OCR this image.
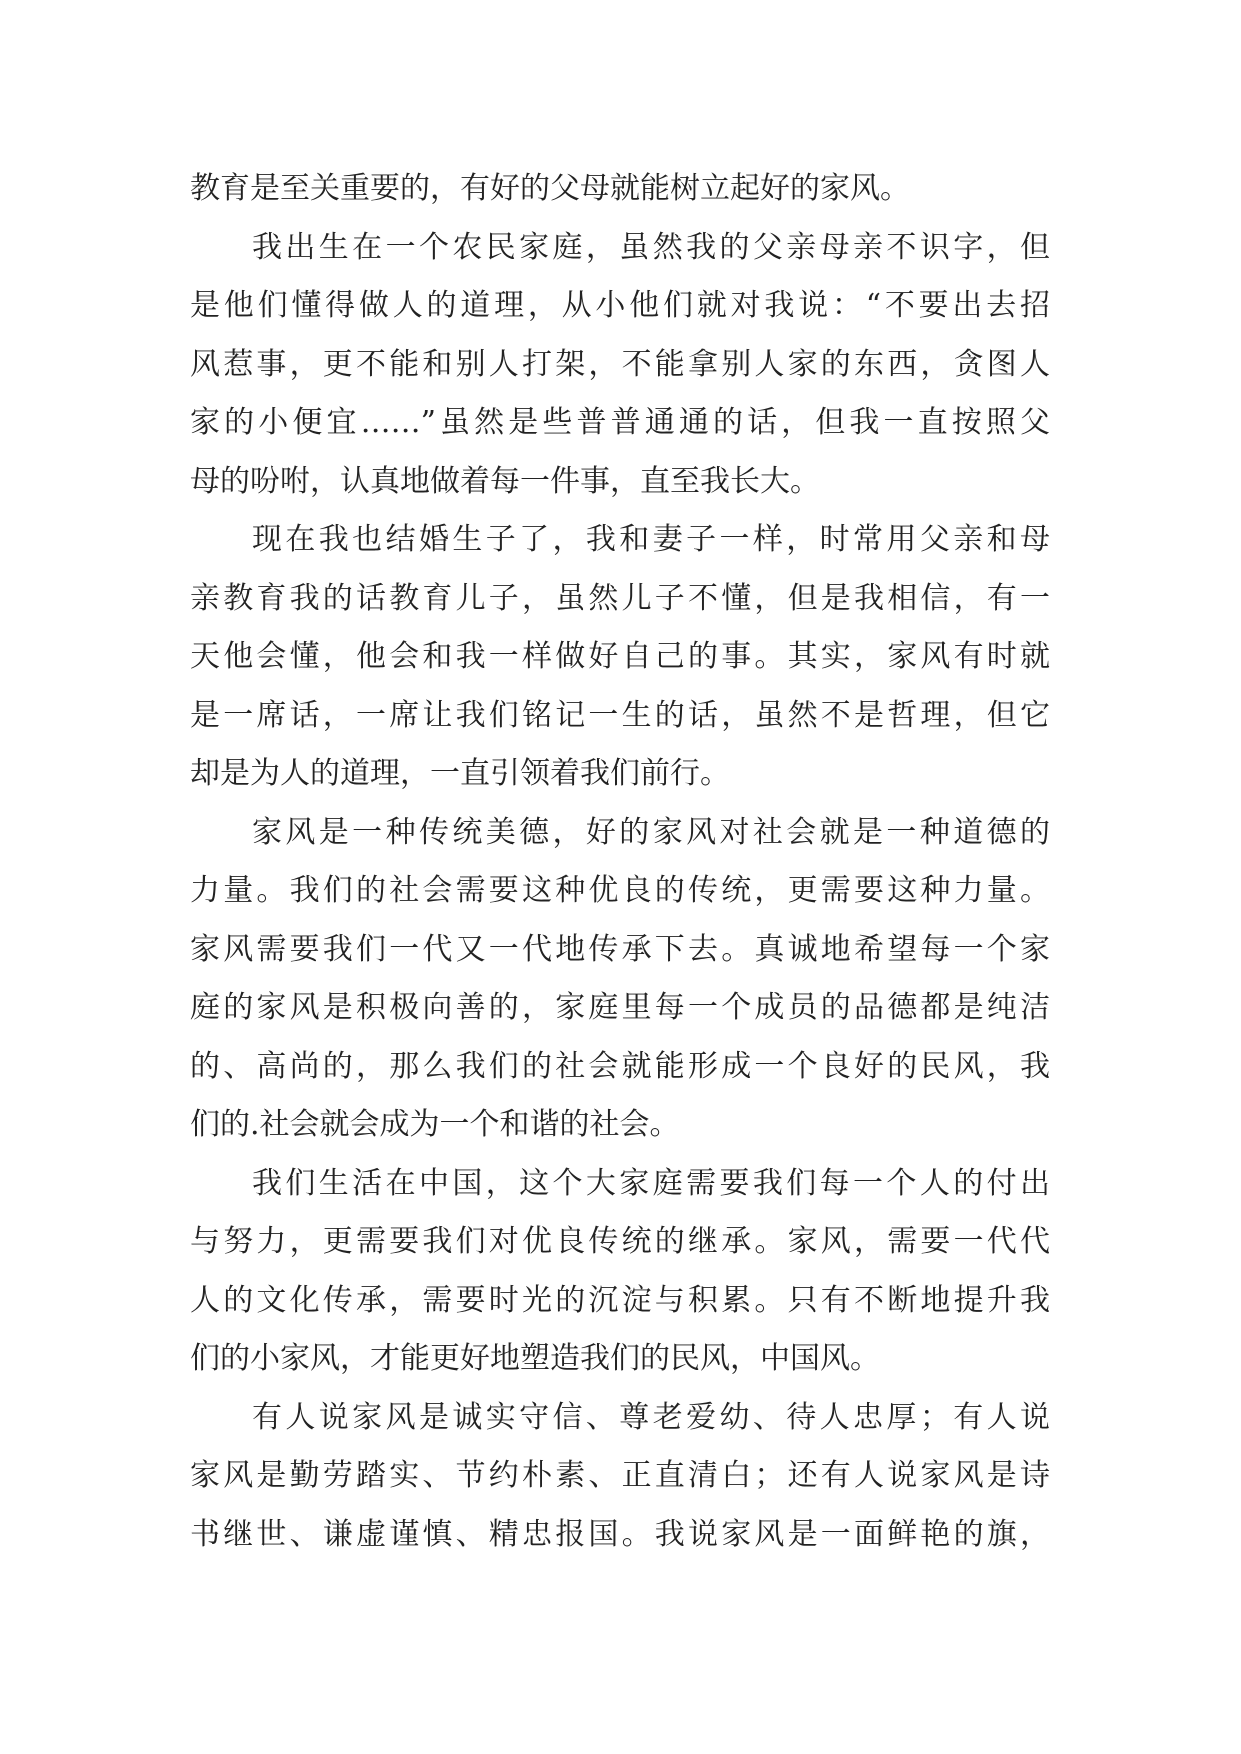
教育是至关重要的，有好的父母就能树立起好的家风。
我出生在一个农民家庭，虽然我的父亲母亲不识字，但
是他们懂得做人的道理，从小他们就对我说：“不要出去招
风惹事，更不能和别人打架，不能拿别人家的东西，贪图人
家的小便宜……”虽然是些普普通通的话，但我一直按照父
母的吩咐，认真地做着每一件事，直至我长大。
现在我也结婚生子了，我和妻子一样，时常用父亲和母
亲教育我的话教育儿子，虽然儿子不懂，但是我相信，有一
天他会懂，他会和我一样做好自己的事。其实，家风有时就
是一席话，一席让我们铭记一生的话，虽然不是哲理，但它
却是为人的道理，一直引领着我们前行。
家风是一种传统美德，好的家风对社会就是一种道德的
力量。我们的社会需要这种优良的传统，更需要这种力量。
家风需要我们一代又一代地传承下去。真诚地希望每一个家
庭的家风是积极向善的，家庭里每一个成员的品德都是纯洁
的、高尚的，那么我们的社会就能形成一个良好的民风，我
们的.社会就会成为一个和谐的社会。
我们生活在中国，这个大家庭需要我们每一个人的付出
与努力，更需要我们对优良传统的继承。家风，需要一代代
人的文化传承，需要时光的沉淀与积累。只有不断地提升我
们的小家风，才能更好地塑造我们的民风，中国风。
有人说家风是诚实守信、尊老爱幼、待人忠厚；有人说
家风是勤劳踏实、节约朴素、正直清白；还有人说家风是诗
书继世、谦虚谨慎、精忠报国。我说家风是一面鲜艳的旗，
